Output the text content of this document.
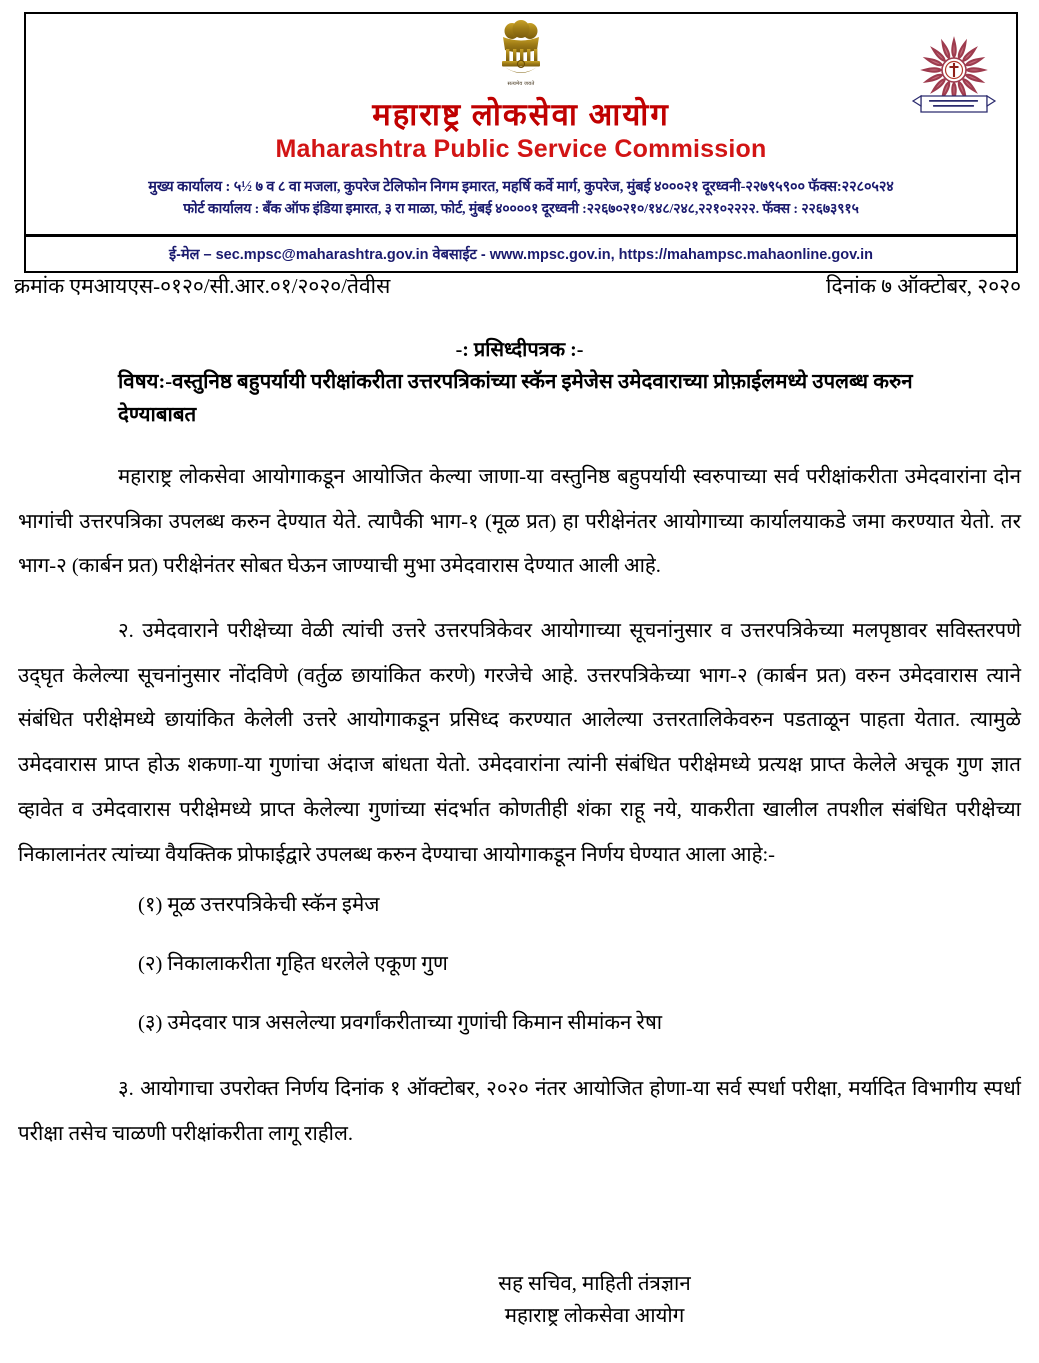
सत्यमेव जयते
महाराष्ट्र लोकसेवा आयोग
Maharashtra Public Service Commission
मुख्य कार्यालय : ५½ ७ व ८ वा मजला, कुपरेज टेलिफोन निगम इमारत, महर्षि कर्वे मार्ग, कुपरेज, मुंबई ४०००२१ दूरध्वनी-२२७९५९०० फॅक्स:२२८०५२४
फोर्ट कार्यालय : बँक ऑफ इंडिया इमारत, ३ रा माळा, फोर्ट, मुंबई ४००००१ दूरध्वनी :२२६७०२१०/१४८/२४८,२२१०२२२२. फॅक्स : २२६७३९१५
ई-मेल – sec.mpsc@maharashtra.gov.in वेबसाईट - www.mpsc.gov.in, https://mahampsc.mahaonline.gov.in
क्रमांक एमआयएस-०१२०/सी.आर.०१/२०२०/तेवीस	दिनांक ७ ऑक्टोबर, २०२०
-: प्रसिध्दीपत्रक :-
विषय:-वस्तुनिष्ठ बहुपर्यायी परीक्षांकरीता उत्तरपत्रिकांच्या स्कॅन इमेजेस उमेदवाराच्या प्रोफ़ाईलमध्ये उपलब्ध करुन देण्याबाबत

महाराष्ट्र लोकसेवा आयोगाकडून आयोजित केल्या जाणा-या वस्तुनिष्ठ बहुपर्यायी स्वरुपाच्या सर्व परीक्षांकरीता उमेदवारांना दोन भागांची उत्तरपत्रिका उपलब्ध करुन देण्यात येते. त्यापैकी भाग-१ (मूळ प्रत) हा परीक्षेनंतर आयोगाच्या कार्यालयाकडे जमा करण्यात येतो. तर भाग-२ (कार्बन प्रत) परीक्षेनंतर सोबत घेऊन जाण्याची मुभा उमेदवारास देण्यात आली आहे.

२. उमेदवाराने परीक्षेच्या वेळी त्यांची उत्तरे उत्तरपत्रिकेवर आयोगाच्या सूचनांनुसार व उत्तरपत्रिकेच्या मलपृष्ठावर सविस्तरपणे उद्‌घृत केलेल्या सूचनांनुसार नोंदविणे (वर्तुळ छायांकित करणे) गरजेचे आहे. उत्तरपत्रिकेच्या भाग-२ (कार्बन प्रत) वरुन उमेदवारास त्याने संबंधित परीक्षेमध्ये छायांकित केलेली उत्तरे आयोगाकडून प्रसिध्द करण्यात आलेल्या उत्तरतालिकेवरुन पडताळून पाहता येतात. त्यामुळे उमेदवारास प्राप्त होऊ शकणा-या गुणांचा अंदाज बांधता येतो. उमेदवारांना त्यांनी संबंधित परीक्षेमध्ये प्रत्यक्ष प्राप्त केलेले अचूक गुण ज्ञात व्हावेत व उमेदवारास परीक्षेमध्ये प्राप्त केलेल्या गुणांच्या संदर्भात कोणतीही शंका राहू नये, याकरीता खालील तपशील संबंधित परीक्षेच्या निकालानंतर त्यांच्या वैयक्तिक प्रोफाईद्वारे उपलब्ध करुन देण्याचा आयोगाकडून निर्णय घेण्यात आला आहे:-

(१) मूळ उत्तरपत्रिकेची स्कॅन इमेज
(२) निकालाकरीता गृहित धरलेले एकूण गुण
(३) उमेदवार पात्र असलेल्या प्रवर्गांकरीताच्या गुणांची किमान सीमांकन रेषा

३. आयोगाचा उपरोक्त निर्णय दिनांक १ ऑक्टोबर, २०२० नंतर आयोजित होणा-या सर्व स्पर्धा परीक्षा, मर्यादित विभागीय स्पर्धा परीक्षा तसेच चाळणी परीक्षांकरीता लागू राहील.

सह सचिव, माहिती तंत्रज्ञान
महाराष्ट्र लोकसेवा आयोग
